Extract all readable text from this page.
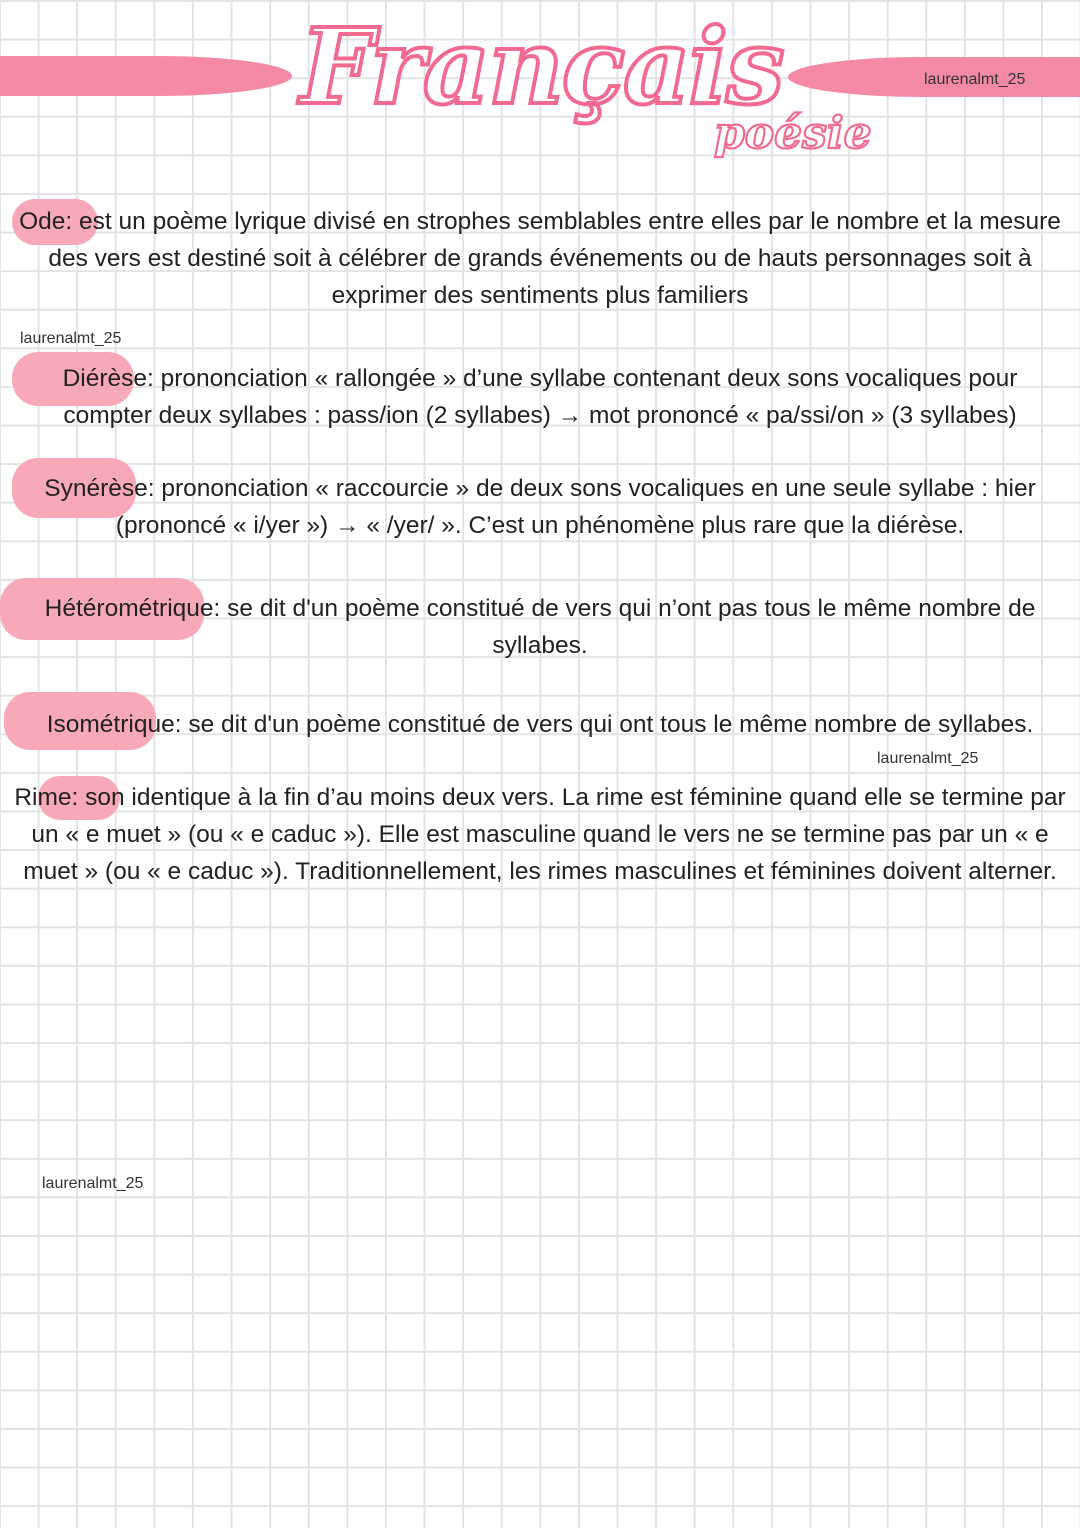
Français
poésie
laurenalmt_25
laurenalmt_25
laurenalmt_25
laurenalmt_25
Ode: est un poème lyrique divisé en strophes semblables entre elles par le nombre et la mesure des vers est destiné soit à célébrer de grands événements ou de hauts personnages soit à exprimer des sentiments plus familiers
Diérèse: prononciation « rallongée » d’une syllabe contenant deux sons vocaliques pour compter deux syllabes : pass/ion (2 syllabes) → mot prononcé « pa/ssi/on » (3 syllabes)
Synérèse: prononciation « raccourcie » de deux sons vocaliques en une seule syllabe : hier (prononcé « i/yer ») → « /yer/ ». C’est un phénomène plus rare que la diérèse.
Hétérométrique: se dit d'un poème constitué de vers qui n’ont pas tous le même nombre de syllabes.
Isométrique: se dit d'un poème constitué de vers qui ont tous le même nombre de syllabes.
Rime: son identique à la fin d’au moins deux vers. La rime est féminine quand elle se termine par un « e muet » (ou « e caduc »). Elle est masculine quand le vers ne se termine pas par un « e muet » (ou « e caduc »). Traditionnellement, les rimes masculines et féminines doivent alterner.
